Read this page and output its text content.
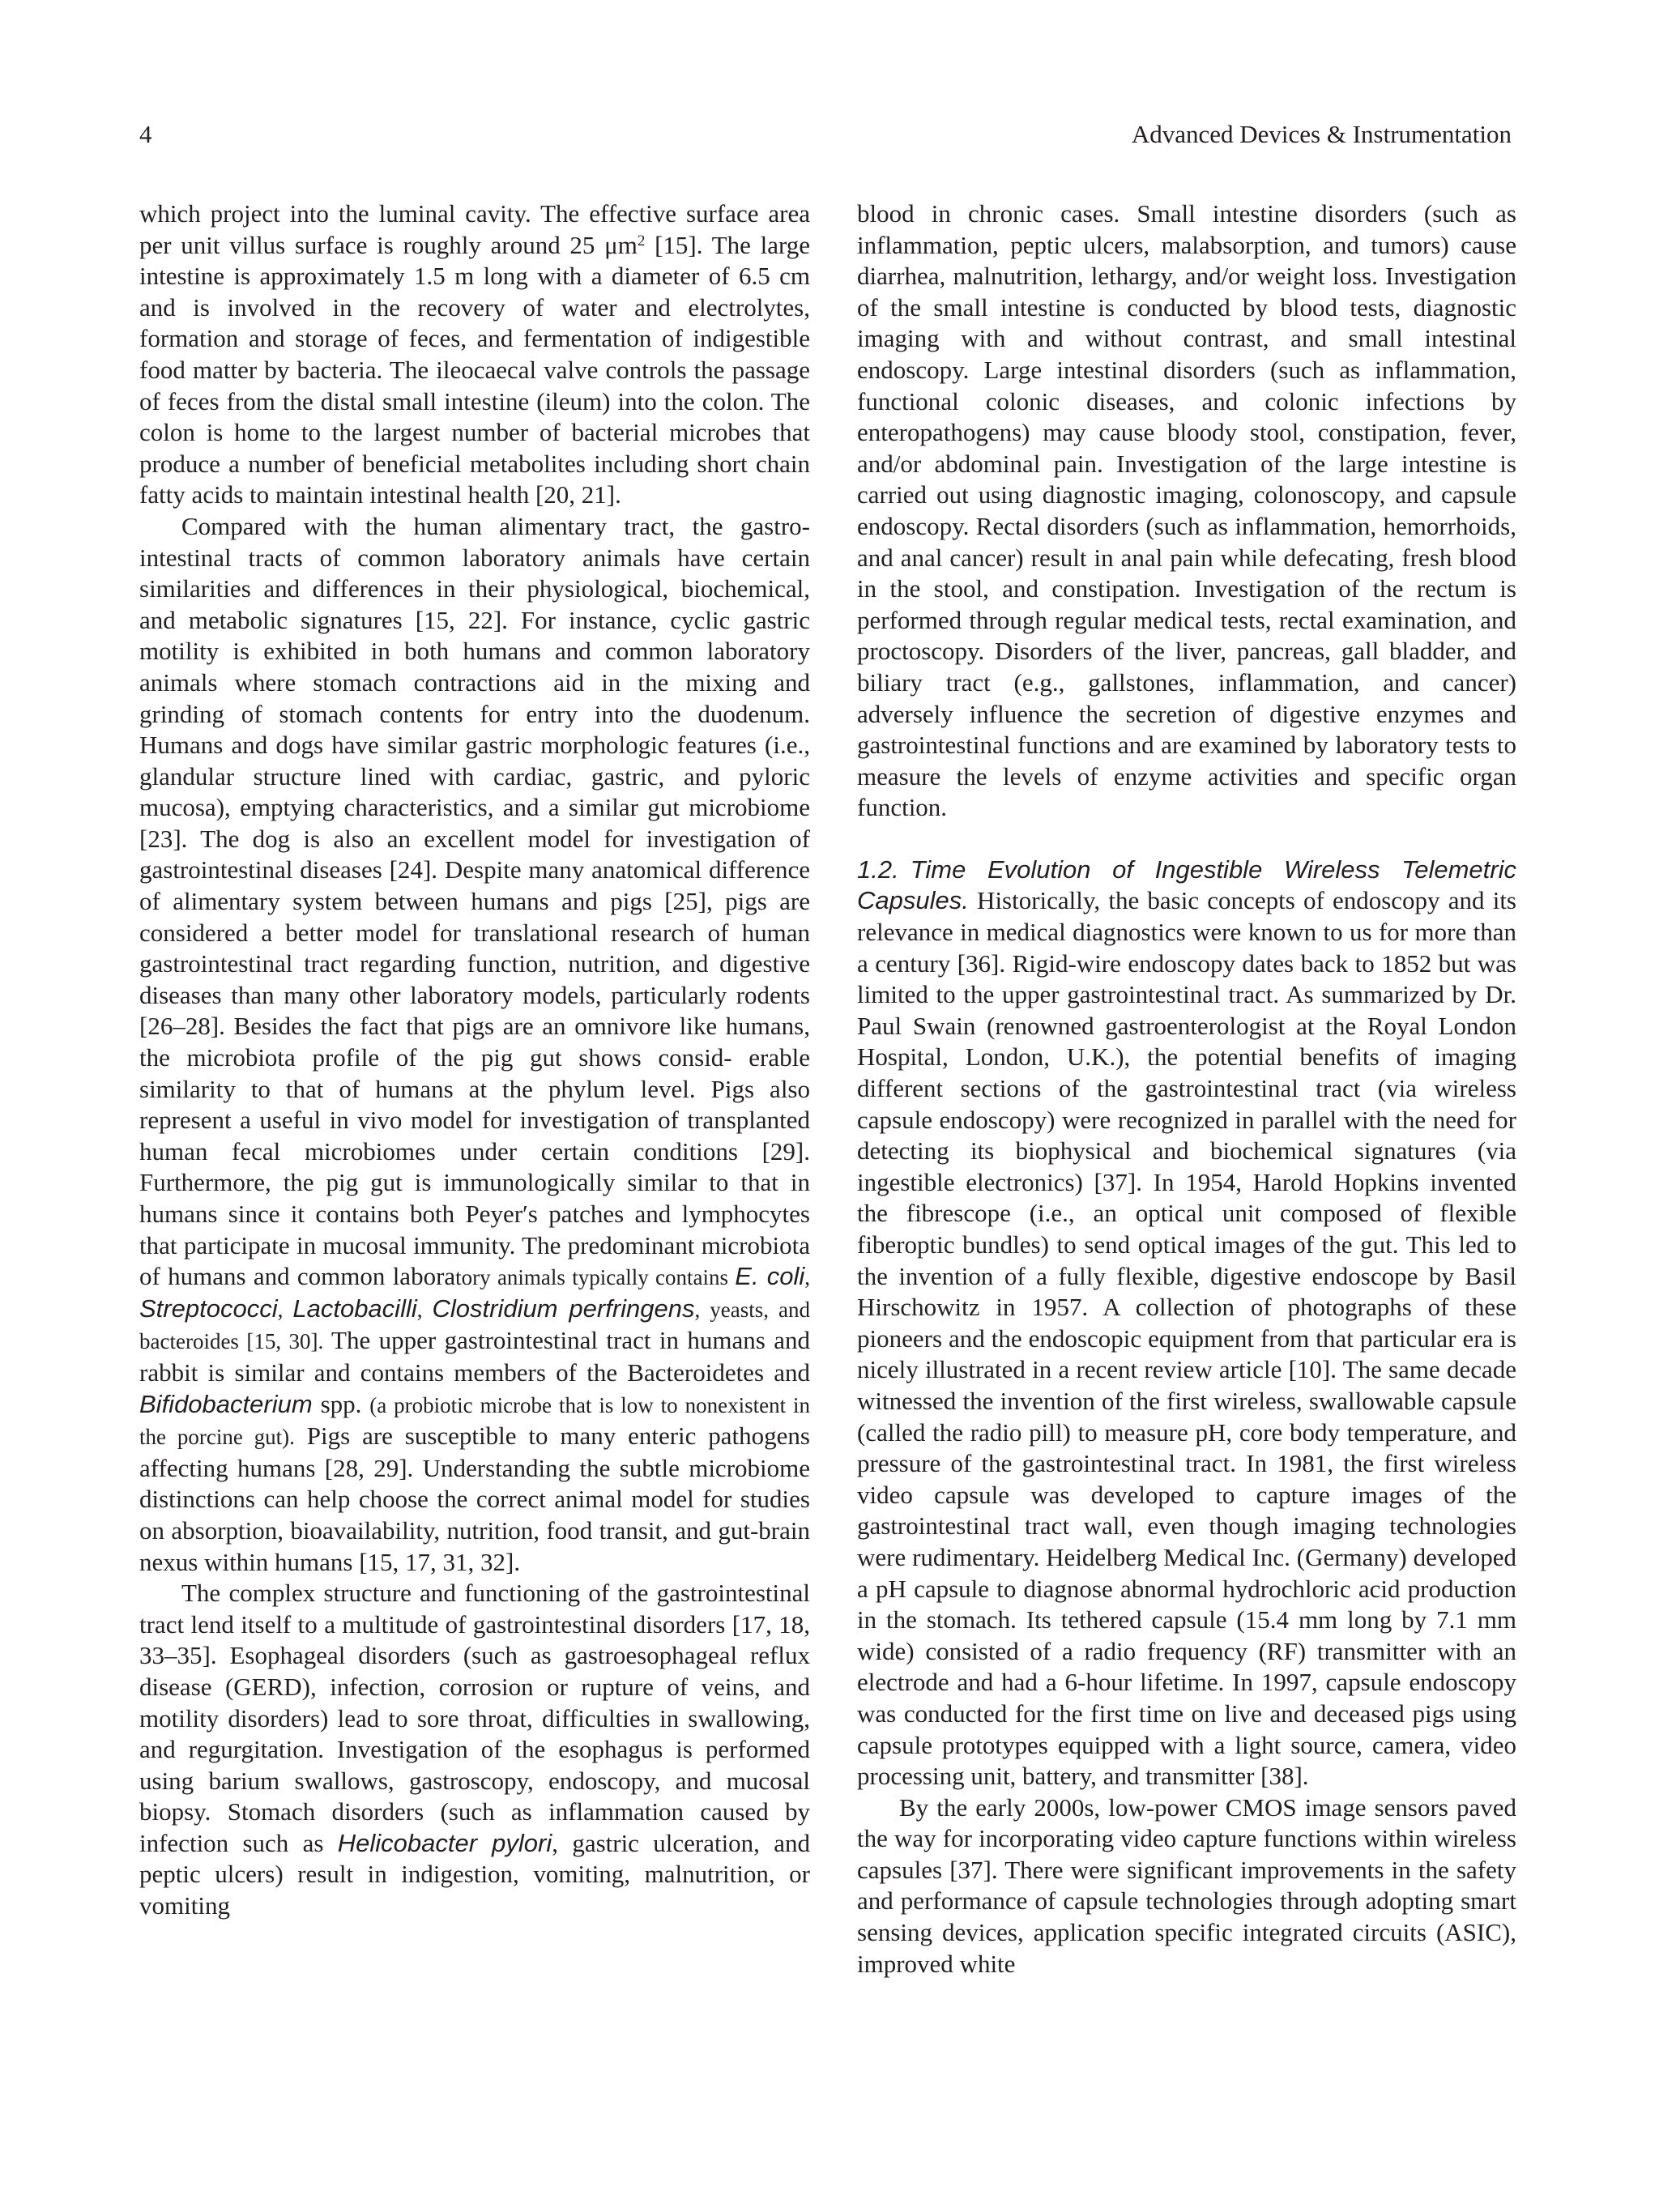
4	Advanced Devices & Instrumentation

which project into the luminal cavity. The effective surface area per unit villus surface is roughly around 25 $\mu m^2$ [15]. The large intestine is approximately 1.5 m long with a diameter of 6.5 cm and is involved in the recovery of water and electrolytes, formation and storage of feces, and fermentation of indigestible food matter by bacteria. The ileocaecal valve controls the passage of feces from the distal small intestine (ileum) into the colon. The colon is home to the largest number of bacterial microbes that produce a number of beneficial metabolites including short chain fatty acids to maintain intestinal health [20, 21].

Compared with the human alimentary tract, the gastrointestinal tracts of common laboratory animals have certain similarities and differences in their physiological, biochemical, and metabolic signatures [15, 22]. For instance, cyclic gastric motility is exhibited in both humans and common laboratory animals where stomach contractions aid in the mixing and grinding of stomach contents for entry into the duodenum. Humans and dogs have similar gastric morphologic features (i.e., glandular structure lined with cardiac, gastric, and pyloric mucosa), emptying characteristics, and a similar gut microbiome [23]. The dog is also an excellent model for investigation of gastrointestinal diseases [24]. Despite many anatomical difference of alimentary system between humans and pigs [25], pigs are considered a better model for translational research of human gastrointestinal tract regarding function, nutrition, and digestive diseases than many other laboratory models, particularly rodents [26–28]. Besides the fact that pigs are an omnivore like humans, the microbiota profile of the pig gut shows consid- erable similarity to that of humans at the phylum level. Pigs also represent a useful in vivo model for investigation of transplanted human fecal microbiomes under certain conditions [29]. Furthermore, the pig gut is immunologically similar to that in humans since it contains both Peyer′s patches and lymphocytes that participate in mucosal immunity. The predominant microbiota of humans and common laboratory animals typically contains E. coli, Streptococci, Lactobacilli, Clostridium perfringens, yeasts, and bacteroides [15, 30]. The upper gastrointestinal tract in humans and rabbit is similar and contains members of the Bacteroidetes and Bifidobacterium spp. (a probiotic microbe that is low to nonexistent in the porcine gut). Pigs are susceptible to many enteric pathogens affecting humans [28, 29]. Understanding the subtle microbiome distinctions can help choose the correct animal model for studies on absorption, bioavailability, nutrition, food transit, and gut-brain nexus within humans [15, 17, 31, 32].

The complex structure and functioning of the gastrointestinal tract lend itself to a multitude of gastrointestinal disorders [17, 18, 33–35]. Esophageal disorders (such as gastroesophageal reflux disease (GERD), infection, corrosion or rupture of veins, and motility disorders) lead to sore throat, difficulties in swallowing, and regurgitation. Investigation of the esophagus is performed using barium swallows, gastroscopy, endoscopy, and mucosal biopsy. Stomach disorders (such as inflammation caused by infection such as Helicobacter pylori, gastric ulceration, and peptic ulcers) result in indigestion, vomiting, malnutrition, or vomiting

blood in chronic cases. Small intestine disorders (such as inflammation, peptic ulcers, malabsorption, and tumors) cause diarrhea, malnutrition, lethargy, and/or weight loss. Investigation of the small intestine is conducted by blood tests, diagnostic imaging with and without contrast, and small intestinal endoscopy. Large intestinal disorders (such as inflammation, functional colonic diseases, and colonic infections by enteropathogens) may cause bloody stool, constipation, fever, and/or abdominal pain. Investigation of the large intestine is carried out using diagnostic imaging, colonoscopy, and capsule endoscopy. Rectal disorders (such as inflammation, hemorrhoids, and anal cancer) result in anal pain while defecating, fresh blood in the stool, and constipation. Investigation of the rectum is performed through regular medical tests, rectal examination, and proctoscopy. Disorders of the liver, pancreas, gall bladder, and biliary tract (e.g., gallstones, inflammation, and cancer) adversely influence the secretion of digestive enzymes and gastrointestinal functions and are examined by laboratory tests to measure the levels of enzyme activities and specific organ function.

1.2. Time Evolution of Ingestible Wireless Telemetric Capsules. Historically, the basic concepts of endoscopy and its relevance in medical diagnostics were known to us for more than a century [36]. Rigid-wire endoscopy dates back to 1852 but was limited to the upper gastrointestinal tract. As summarized by Dr. Paul Swain (renowned gastroenterologist at the Royal London Hospital, London, U.K.), the potential benefits of imaging different sections of the gastrointestinal tract (via wireless capsule endoscopy) were recognized in parallel with the need for detecting its biophysical and biochemical signatures (via ingestible electronics) [37]. In 1954, Harold Hopkins invented the fibrescope (i.e., an optical unit composed of flexible fiberoptic bundles) to send optical images of the gut. This led to the invention of a fully flexible, digestive endoscope by Basil Hirschowitz in 1957. A collection of photographs of these pioneers and the endoscopic equipment from that particular era is nicely illustrated in a recent review article [10]. The same decade witnessed the invention of the first wireless, swallowable capsule (called the radio pill) to measure pH, core body temperature, and pressure of the gastrointestinal tract. In 1981, the first wireless video capsule was developed to capture images of the gastrointestinal tract wall, even though imaging technologies were rudimentary. Heidelberg Medical Inc. (Germany) developed a pH capsule to diagnose abnormal hydrochloric acid production in the stomach. Its tethered capsule (15.4 mm long by 7.1 mm wide) consisted of a radio frequency (RF) transmitter with an electrode and had a 6-hour lifetime. In 1997, capsule endoscopy was conducted for the first time on live and deceased pigs using capsule prototypes equipped with a light source, camera, video processing unit, battery, and transmitter [38].

By the early 2000s, low-power CMOS image sensors paved the way for incorporating video capture functions within wireless capsules [37]. There were significant improvements in the safety and performance of capsule technologies through adopting smart sensing devices, application specific integrated circuits (ASIC), improved white
